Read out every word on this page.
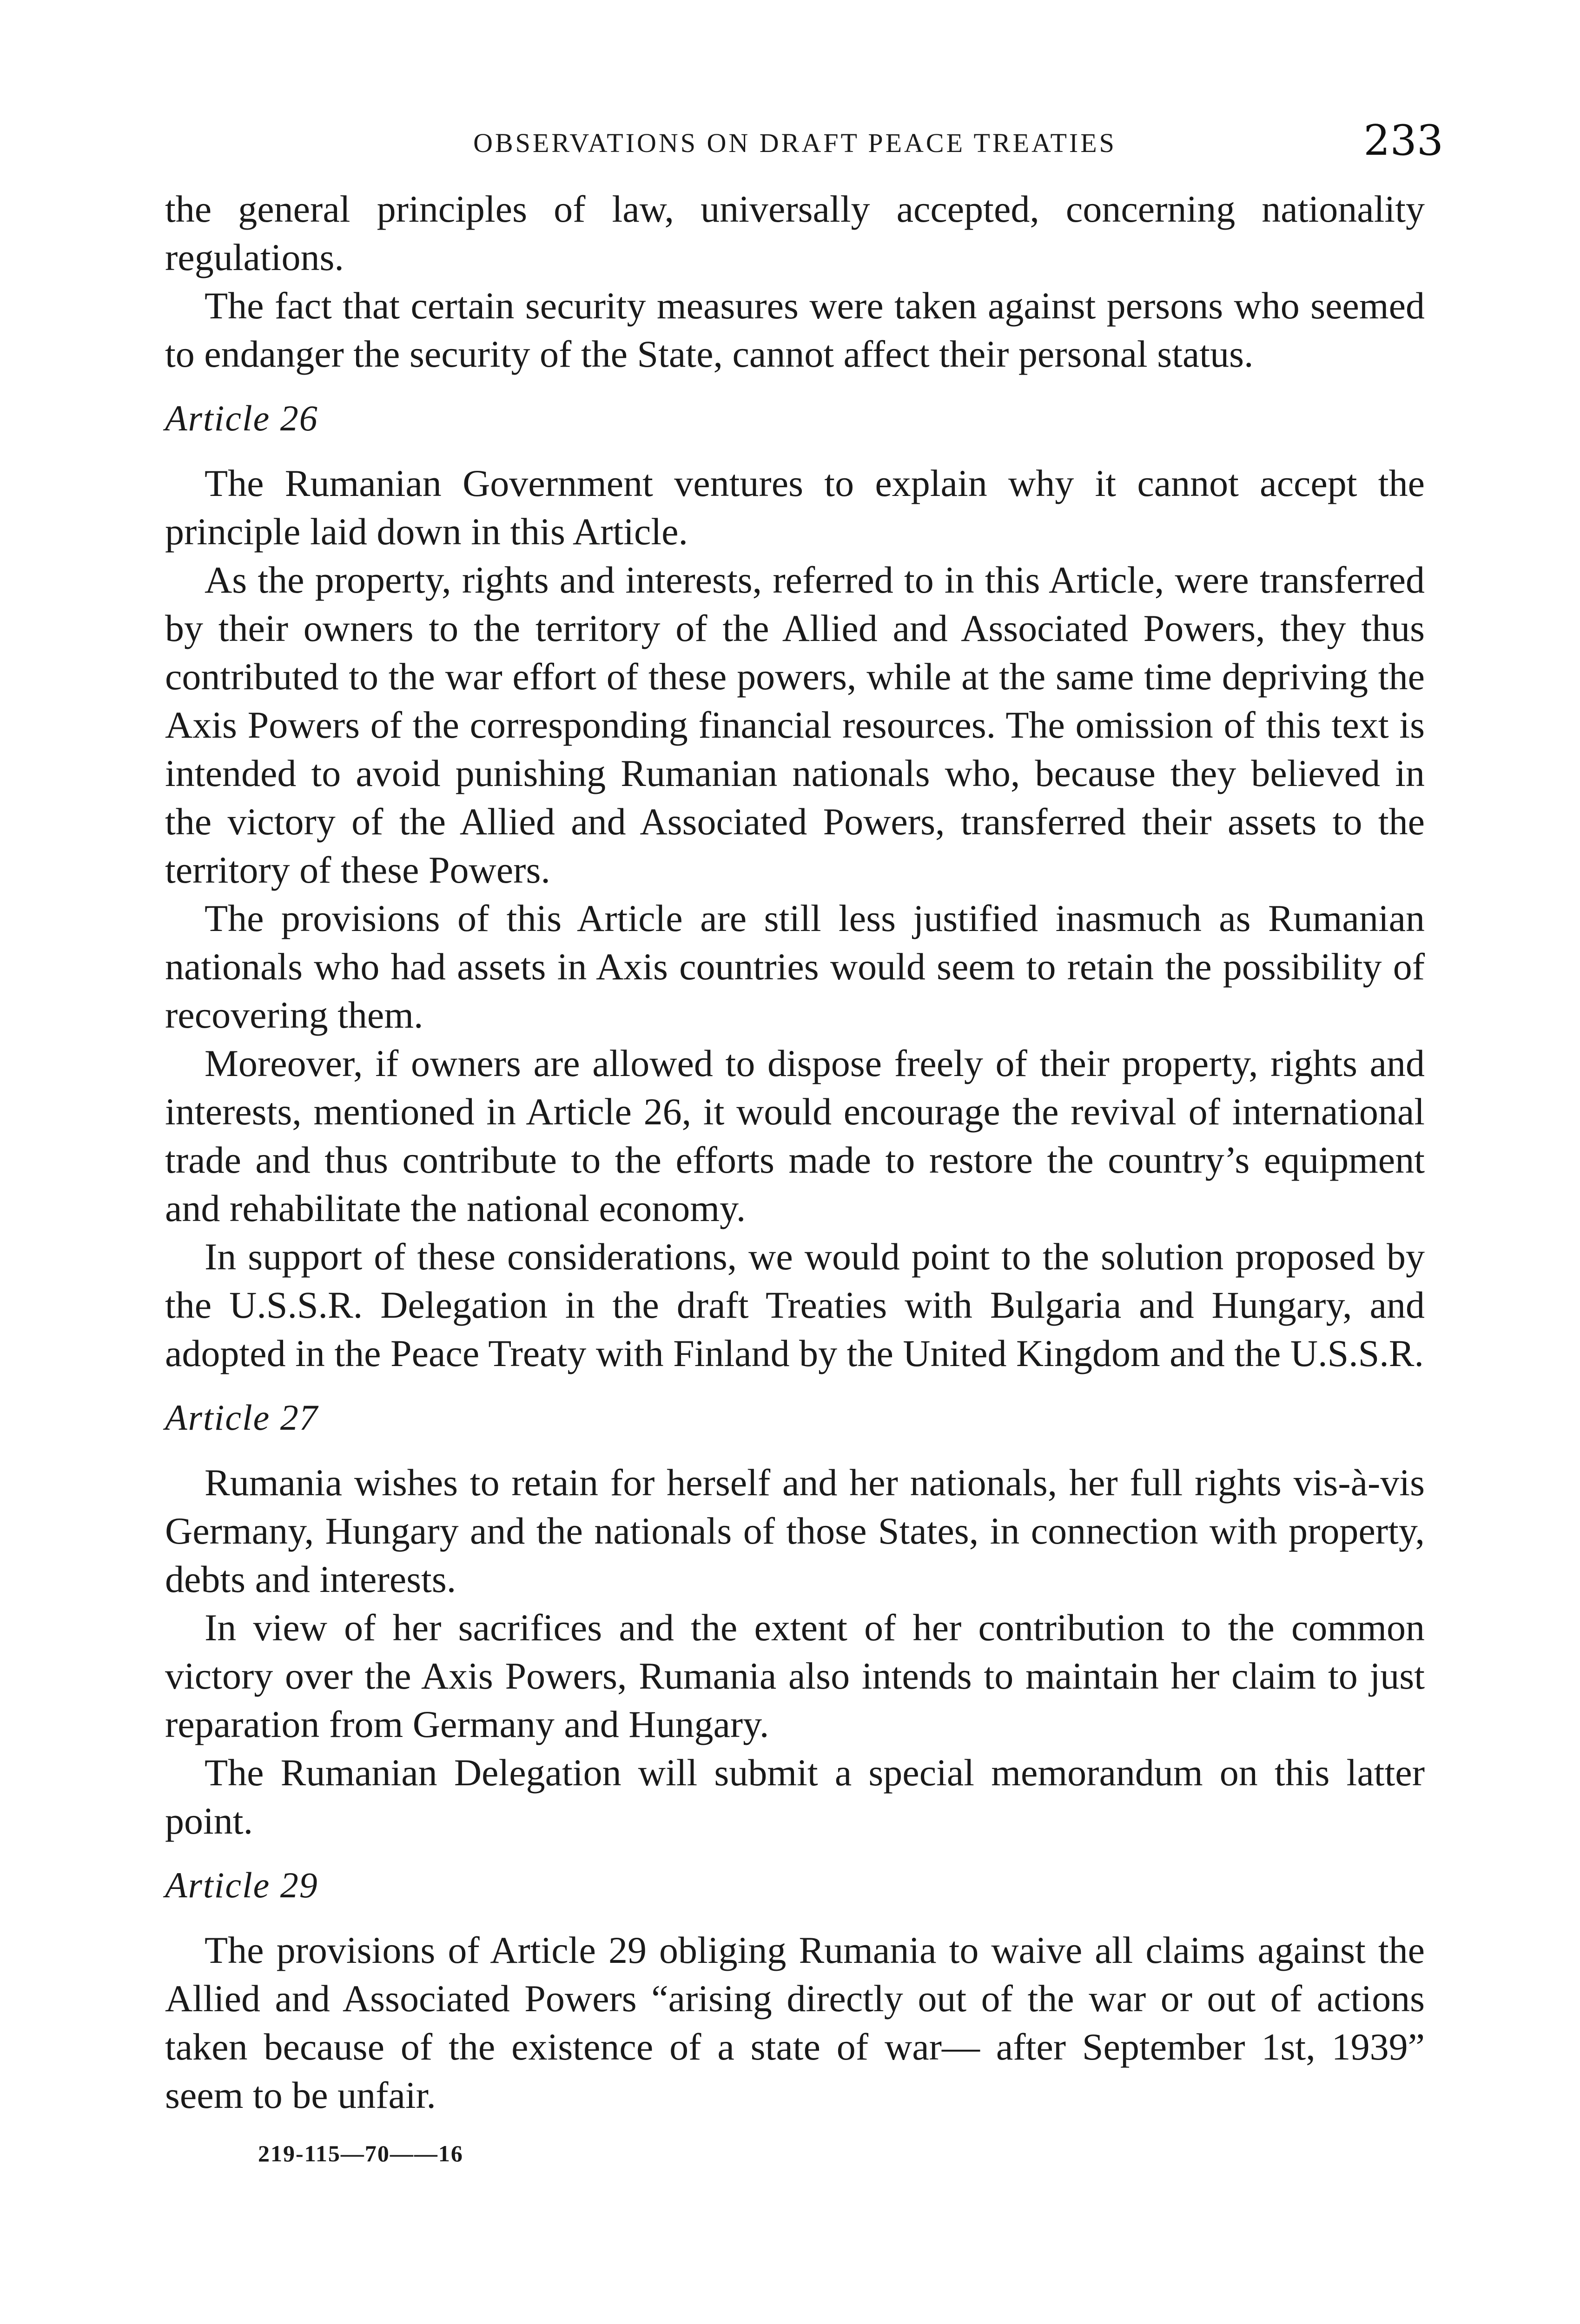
OBSERVATIONS ON DRAFT PEACE TREATIES	233

the general principles of law, universally accepted, concerning nationality regulations.

The fact that certain security measures were taken against persons who seemed to endanger the security of the State, cannot affect their personal status.

Article 26

The Rumanian Government ventures to explain why it cannot accept the principle laid down in this Article.

As the property, rights and interests, referred to in this Article, were transferred by their owners to the territory of the Allied and Associated Powers, they thus contributed to the war effort of these powers, while at the same time depriving the Axis Powers of the corresponding financial resources. The omission of this text is intended to avoid punishing Rumanian nationals who, because they believed in the victory of the Allied and Associated Powers, transferred their assets to the territory of these Powers.

The provisions of this Article are still less justified inasmuch as Rumanian nationals who had assets in Axis countries would seem to retain the possibility of recovering them.

Moreover, if owners are allowed to dispose freely of their property, rights and interests, mentioned in Article 26, it would encourage the revival of international trade and thus contribute to the efforts made to restore the country’s equipment and rehabilitate the national economy.

In support of these considerations, we would point to the solution proposed by the U.S.S.R. Delegation in the draft Treaties with Bulgaria and Hungary, and adopted in the Peace Treaty with Finland by the United Kingdom and the U.S.S.R.

Article 27

Rumania wishes to retain for herself and her nationals, her full rights vis-à-vis Germany, Hungary and the nationals of those States, in connection with property, debts and interests.

In view of her sacrifices and the extent of her contribution to the common victory over the Axis Powers, Rumania also intends to maintain her claim to just reparation from Germany and Hungary.

The Rumanian Delegation will submit a special memorandum on this latter point.

Article 29

The provisions of Article 29 obliging Rumania to waive all claims against the Allied and Associated Powers “arising directly out of the war or out of actions taken because of the existence of a state of war— after September 1st, 1939” seem to be unfair.

219-115—70——16
